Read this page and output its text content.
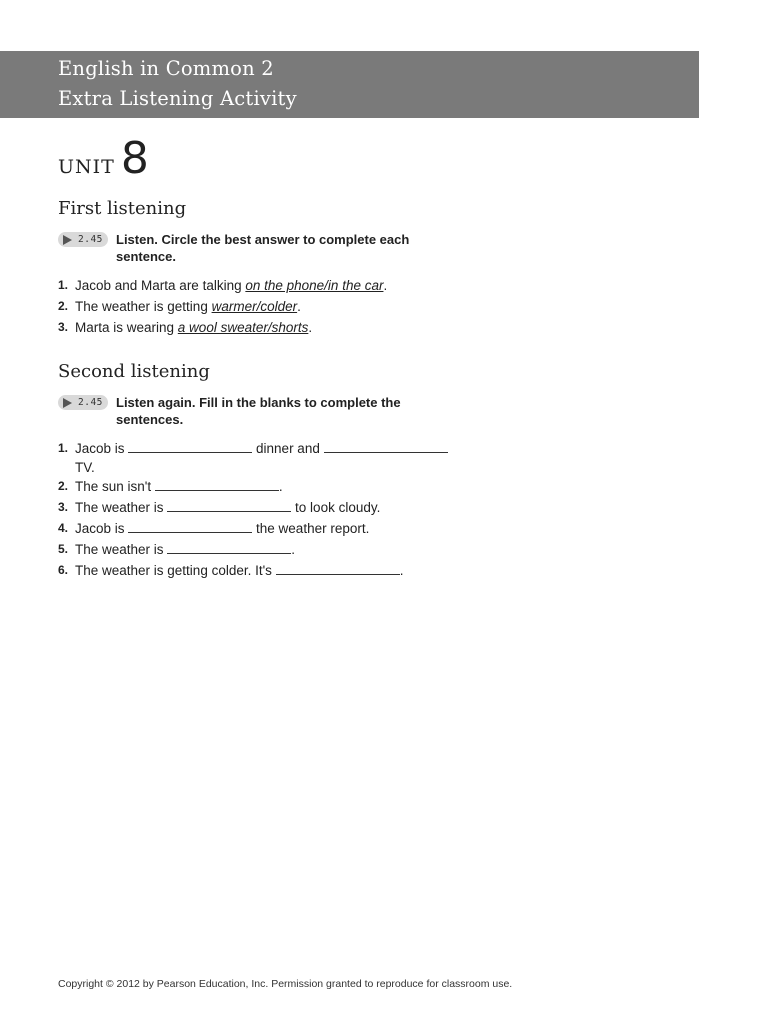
English in Common 2
Extra Listening Activity
UNIT 8
First listening
2.45 Listen. Circle the best answer to complete each sentence.
1. Jacob and Marta are talking on the phone/in the car.
2. The weather is getting warmer/colder.
3. Marta is wearing a wool sweater/shorts.
Second listening
2.45 Listen again. Fill in the blanks to complete the sentences.
1. Jacob is	dinner and
TV.
2. The sun isn't	.
3. The weather is	to look cloudy.
4. Jacob is	the weather report.
5. The weather is	.
6. The weather is getting colder. It's	.
Copyright © 2012 by Pearson Education, Inc. Permission granted to reproduce for classroom use.
